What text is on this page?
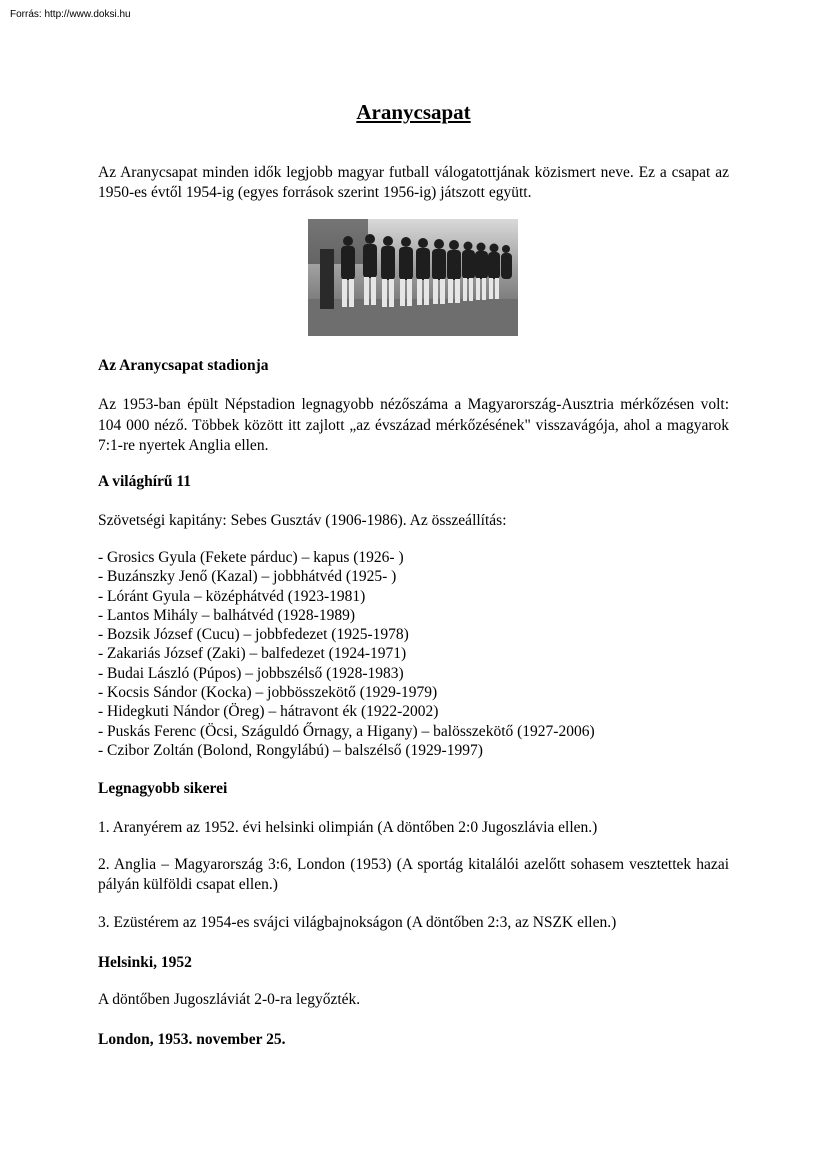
Forrás: http://www.doksi.hu
Aranycsapat

Az Aranycsapat minden idők legjobb magyar futball válogatottjának közismert neve. Ez a csapat az 1950-es évtől 1954-ig (egyes források szerint 1956-ig) játszott együtt.

Az Aranycsapat stadionja

Az 1953-ban épült Népstadion legnagyobb nézőszáma a Magyarország-Ausztria mérkőzésen volt: 104 000 néző. Többek között itt zajlott „az évszázad mérkőzésének" visszavágója, ahol a magyarok 7:1-re nyertek Anglia ellen.

A világhírű 11

Szövetségi kapitány: Sebes Gusztáv (1906-1986). Az összeállítás:

- Grosics Gyula (Fekete párduc) – kapus (1926- )
- Buzánszky Jenő (Kazal) – jobbhátvéd (1925- )
- Lóránt Gyula – középhátvéd (1923-1981)
- Lantos Mihály – balhátvéd (1928-1989)
- Bozsik József (Cucu) – jobbfedezet (1925-1978)
- Zakariás József (Zaki) – balfedezet (1924-1971)
- Budai László (Púpos) – jobbszélső (1928-1983)
- Kocsis Sándor (Kocka) – jobbösszekötő (1929-1979)
- Hidegkuti Nándor (Öreg) – hátravont ék (1922-2002)
- Puskás Ferenc (Öcsi, Száguldó Őrnagy, a Higany) – balösszekötő (1927-2006)
- Czibor Zoltán (Bolond, Rongylábú) – balszélső (1929-1997)
Legnagyobb sikerei

1. Aranyérem az 1952. évi helsinki olimpián (A döntőben 2:0 Jugoszlávia ellen.)

2. Anglia – Magyarország 3:6, London (1953) (A sportág kitalálói azelőtt sohasem vesztettek hazai pályán külföldi csapat ellen.)

3. Ezüstérem az 1954-es svájci világbajnokságon (A döntőben 2:3, az NSZK ellen.)

Helsinki, 1952

A döntőben Jugoszláviát 2-0-ra legyőzték.

London, 1953. november 25.
